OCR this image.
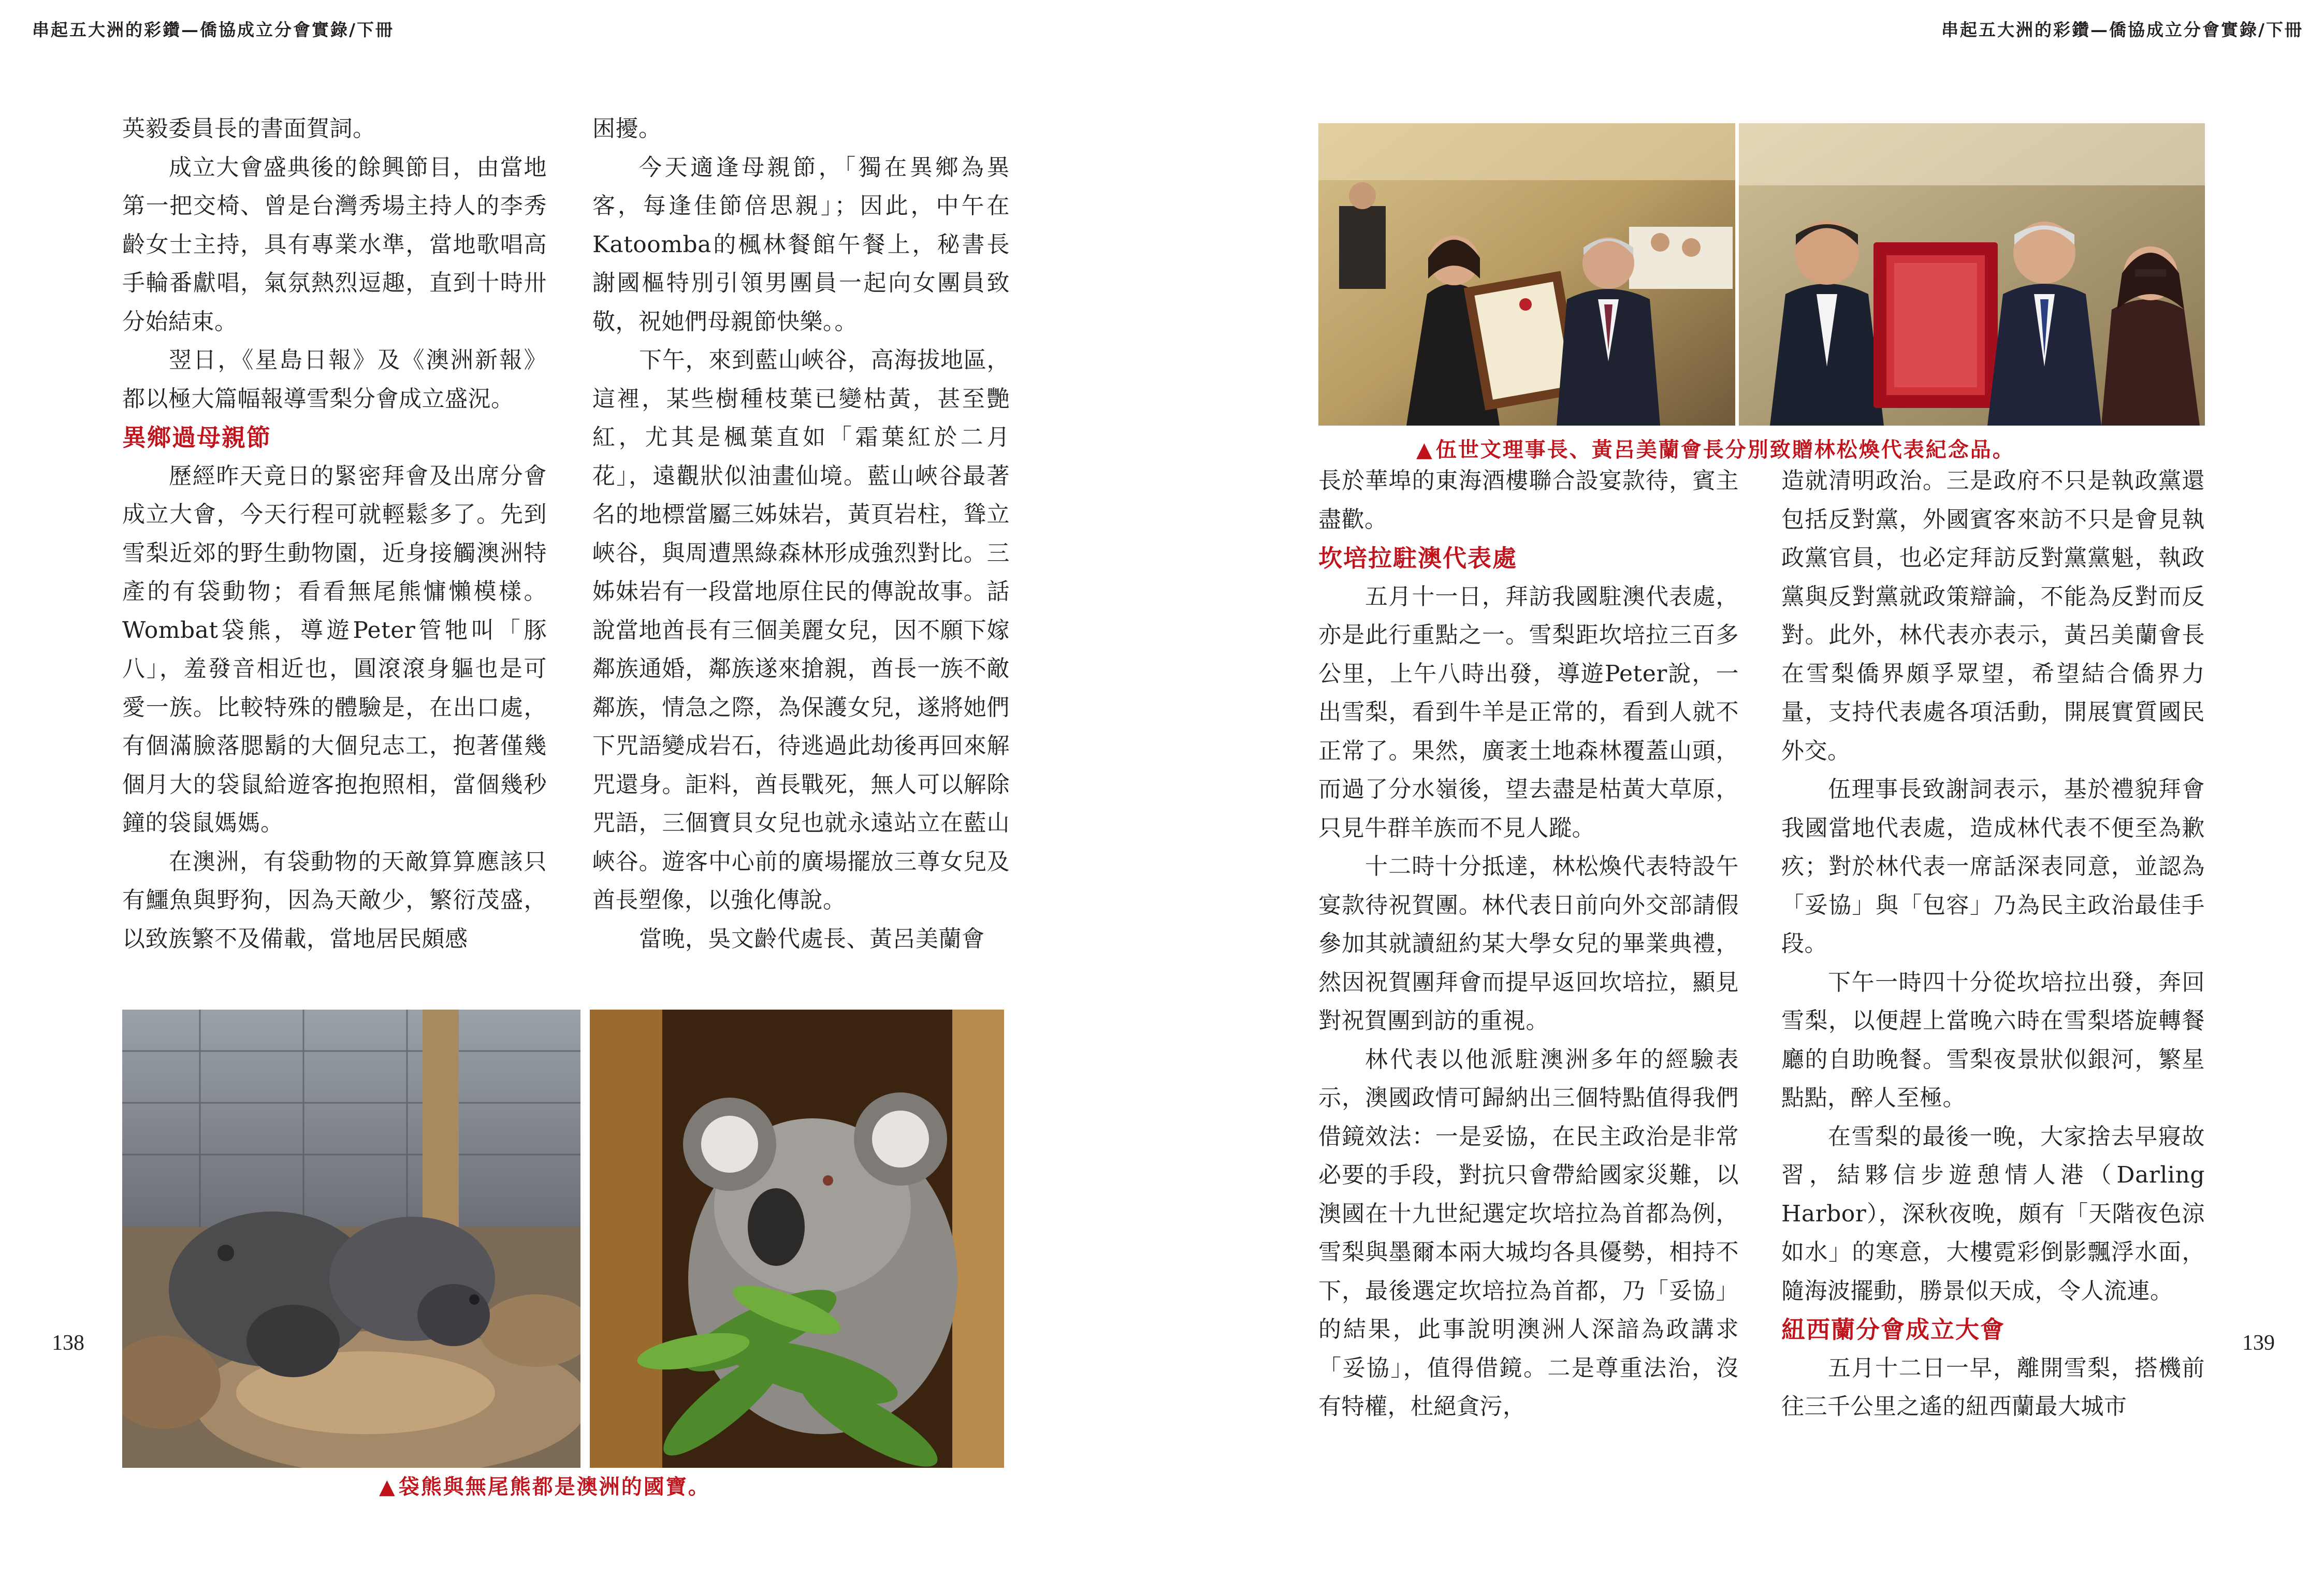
串起五大洲的彩鑽—僑協成立分會實錄/下冊	串起五大洲的彩鑽—僑協成立分會實錄/下冊
138	139

英毅委員長的書面賀詞。

成立大會盛典後的餘興節目，由當地第一把交椅、曾是台灣秀場主持人的李秀齡女士主持，具有專業水準，當地歌唱高手輪番獻唱，氣氛熱烈逗趣，直到十時卅分始結束。

翌日，《星島日報》及《澳洲新報》都以極大篇幅報導雪梨分會成立盛況。

異鄉過母親節

歷經昨天竟日的緊密拜會及出席分會成立大會，今天行程可就輕鬆多了。先到雪梨近郊的野生動物園，近身接觸澳洲特產的有袋動物；看看無尾熊慵懶模樣。Wombat袋熊，導遊Peter管牠叫「豚八」，羞發音相近也，圓滾滾身軀也是可愛一族。比較特殊的體驗是，在出口處，有個滿臉落腮鬍的大個兒志工，抱著僅幾個月大的袋鼠給遊客抱抱照相，當個幾秒鐘的袋鼠媽媽。

在澳洲，有袋動物的天敵算算應該只有鱷魚與野狗，因為天敵少，繁衍茂盛，以致族繁不及備載，當地居民頗感

困擾。

今天適逢母親節，「獨在異鄉為異客，每逢佳節倍思親」；因此，中午在Katoomba的楓林餐館午餐上，秘書長謝國樞特別引領男團員一起向女團員致敬，祝她們母親節快樂。。

下午，來到藍山峽谷，高海拔地區，這裡，某些樹種枝葉已變枯黃，甚至艷紅，尤其是楓葉直如「霜葉紅於二月花」，遠觀狀似油畫仙境。藍山峽谷最著名的地標當屬三姊妹岩，黃頁岩柱，聳立峽谷，與周遭黑綠森林形成強烈對比。三姊妹岩有一段當地原住民的傳說故事。話說當地酋長有三個美麗女兒，因不願下嫁鄰族通婚，鄰族遂來搶親，酋長一族不敵鄰族，情急之際，為保護女兒，遂將她們下咒語變成岩石，待逃過此劫後再回來解咒還身。詎料，酋長戰死，無人可以解除咒語，三個寶貝女兒也就永遠站立在藍山峽谷。遊客中心前的廣場擺放三尊女兒及酋長塑像，以強化傳說。

當晚，吳文齡代處長、黃呂美蘭會

長於華埠的東海酒樓聯合設宴款待，賓主盡歡。

坎培拉駐澳代表處

五月十一日，拜訪我國駐澳代表處，亦是此行重點之一。雪梨距坎培拉三百多公里，上午八時出發，導遊Peter說，一出雪梨，看到牛羊是正常的，看到人就不正常了。果然，廣袤土地森林覆蓋山頭，而過了分水嶺後，望去盡是枯黃大草原，只見牛群羊族而不見人蹤。

十二時十分抵達，林松煥代表特設午宴款待祝賀團。林代表日前向外交部請假參加其就讀紐約某大學女兒的畢業典禮，然因祝賀團拜會而提早返回坎培拉，顯見對祝賀團到訪的重視。

林代表以他派駐澳洲多年的經驗表示，澳國政情可歸納出三個特點值得我們借鏡效法：一是妥協，在民主政治是非常必要的手段，對抗只會帶給國家災難，以澳國在十九世紀選定坎培拉為首都為例，雪梨與墨爾本兩大城均各具優勢，相持不下，最後選定坎培拉為首都，乃「妥協」的結果，此事說明澳洲人深諳為政講求「妥協」，值得借鏡。二是尊重法治，沒有特權，杜絕貪污，

造就清明政治。三是政府不只是執政黨還包括反對黨，外國賓客來訪不只是會見執政黨官員，也必定拜訪反對黨黨魁，執政黨與反對黨就政策辯論，不能為反對而反對。此外，林代表亦表示，黃呂美蘭會長在雪梨僑界頗孚眾望，希望結合僑界力量，支持代表處各項活動，開展實質國民外交。

伍理事長致謝詞表示，基於禮貌拜會我國當地代表處，造成林代表不便至為歉疚；對於林代表一席話深表同意，並認為「妥協」與「包容」乃為民主政治最佳手段。

下午一時四十分從坎培拉出發，奔回雪梨，以便趕上當晚六時在雪梨塔旋轉餐廳的自助晚餐。雪梨夜景狀似銀河，繁星點點，醉人至極。

在雪梨的最後一晚，大家捨去早寢故習，結夥信步遊憩情人港（Darling Harbor），深秋夜晚，頗有「天階夜色涼如水」的寒意，大樓霓彩倒影飄浮水面，隨海波擺動，勝景似天成，令人流連。

紐西蘭分會成立大會

五月十二日一早，離開雪梨，搭機前往三千公里之遙的紐西蘭最大城市

▲ 伍世文理事長、黃呂美蘭會長分別致贈林松煥代表紀念品。
▲ 袋熊與無尾熊都是澳洲的國寶。
